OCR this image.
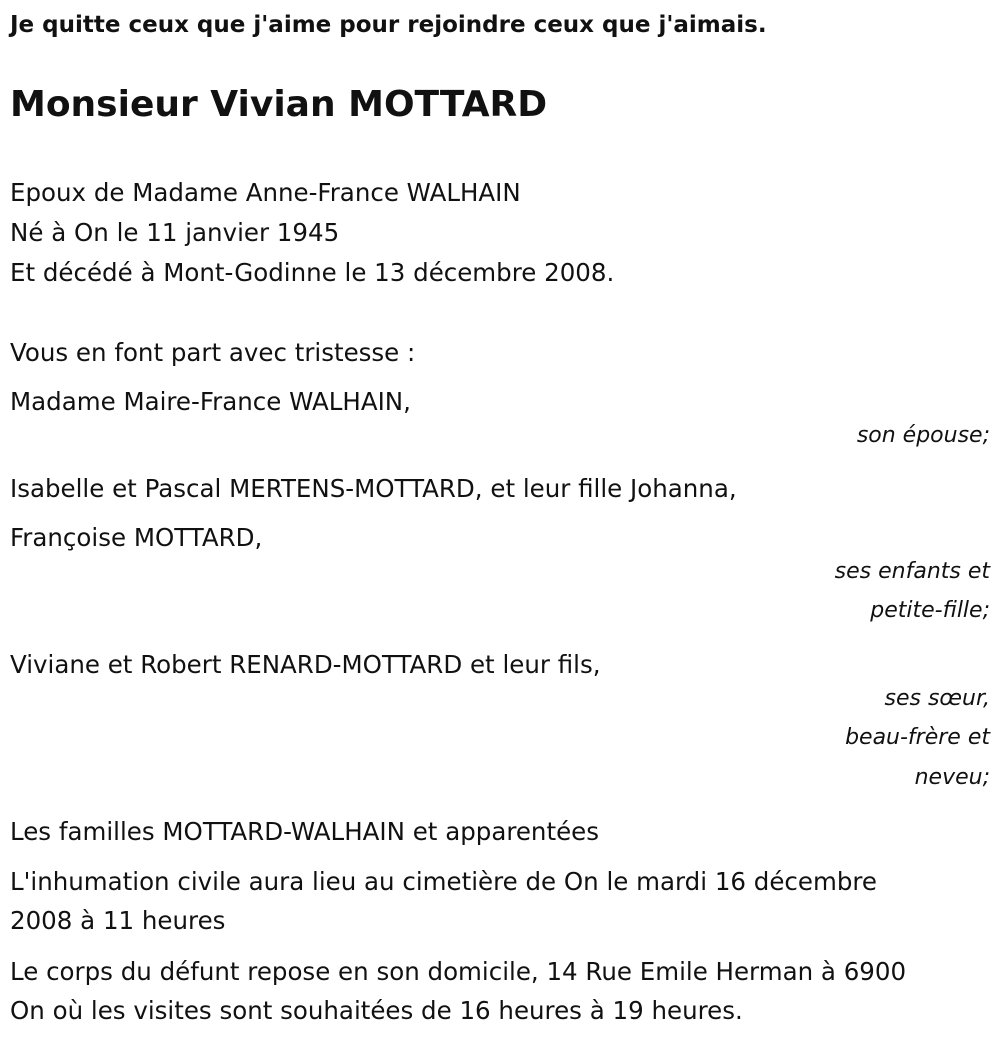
Je quitte ceux que j'aime pour rejoindre ceux que j'aimais.
Monsieur Vivian MOTTARD
Epoux de Madame Anne-France WALHAIN
Né à On le 11 janvier 1945
Et décédé à Mont-Godinne le 13 décembre 2008.
Vous en font part avec tristesse :
Madame Maire-France WALHAIN,
son épouse;
Isabelle et Pascal MERTENS-MOTTARD, et leur fille Johanna,
Françoise MOTTARD,
ses enfants et
petite-fille;
Viviane et Robert RENARD-MOTTARD et leur fils,
ses sœur,
beau-frère et
neveu;
Les familles MOTTARD-WALHAIN et apparentées
L'inhumation civile aura lieu au cimetière de On le mardi 16 décembre
2008 à 11 heures
Le corps du défunt repose en son domicile, 14 Rue Emile Herman à 6900
On où les visites sont souhaitées de 16 heures à 19 heures.
